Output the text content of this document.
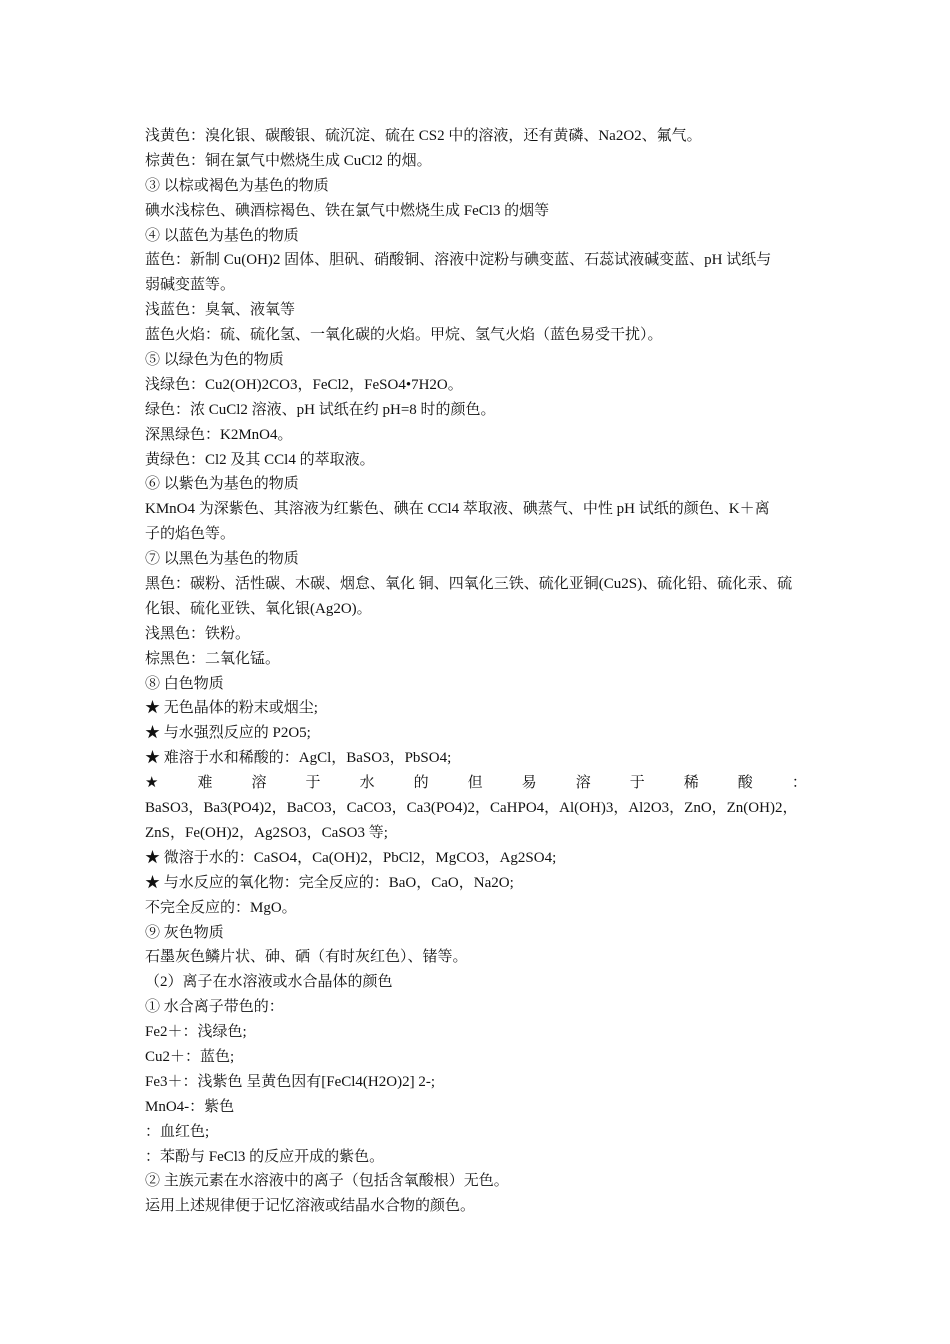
浅黄色：溴化银、碳酸银、硫沉淀、硫在 CS2 中的溶液，还有黄磷、Na2O2、氟气。
棕黄色：铜在氯气中燃烧生成 CuCl2 的烟。
③ 以棕或褐色为基色的物质
碘水浅棕色、碘酒棕褐色、铁在氯气中燃烧生成 FeCl3 的烟等
④ 以蓝色为基色的物质
蓝色：新制 Cu(OH)2 固体、胆矾、硝酸铜、溶液中淀粉与碘变蓝、石蕊试液碱变蓝、pH 试纸与
弱碱变蓝等。
浅蓝色：臭氧、液氧等
蓝色火焰：硫、硫化氢、一氧化碳的火焰。甲烷、氢气火焰（蓝色易受干扰）。
⑤ 以绿色为色的物质
浅绿色：Cu2(OH)2CO3，FeCl2，FeSO4•7H2O。
绿色：浓 CuCl2 溶液、pH 试纸在约 pH=8 时的颜色。
深黑绿色：K2MnO4。
黄绿色：Cl2 及其 CCl4 的萃取液。
⑥ 以紫色为基色的物质
KMnO4 为深紫色、其溶液为红紫色、碘在 CCl4 萃取液、碘蒸气、中性 pH 试纸的颜色、K＋离
子的焰色等。
⑦ 以黑色为基色的物质
黑色：碳粉、活性碳、木碳、烟怠、氧化 铜、四氧化三铁、硫化亚铜(Cu2S)、硫化铅、硫化汞、硫
化银、硫化亚铁、氧化银(Ag2O)。
浅黑色：铁粉。
棕黑色：二氧化锰。
⑧ 白色物质
★ 无色晶体的粉末或烟尘;
★ 与水强烈反应的 P2O5;
★ 难溶于水和稀酸的：AgCl，BaSO3，PbSO4;
★	难	溶	于	水	的	但	易	溶	于	稀	酸	：
BaSO3，Ba3(PO4)2，BaCO3，CaCO3，Ca3(PO4)2，CaHPO4，Al(OH)3，Al2O3，ZnO，Zn(OH)2，
ZnS，Fe(OH)2，Ag2SO3，CaSO3 等;
★ 微溶于水的：CaSO4，Ca(OH)2，PbCl2，MgCO3，Ag2SO4;
★ 与水反应的氧化物：完全反应的：BaO，CaO，Na2O;
不完全反应的：MgO。
⑨ 灰色物质
石墨灰色鳞片状、砷、硒（有时灰红色）、锗等。
（2）离子在水溶液或水合晶体的颜色
① 水合离子带色的：
Fe2＋：浅绿色;
Cu2＋：蓝色;
Fe3＋：浅紫色 呈黄色因有[FeCl4(H2O)2] 2-;
MnO4-：紫色
：血红色;
：苯酚与 FeCl3 的反应开成的紫色。
② 主族元素在水溶液中的离子（包括含氧酸根）无色。
运用上述规律便于记忆溶液或结晶水合物的颜色。
